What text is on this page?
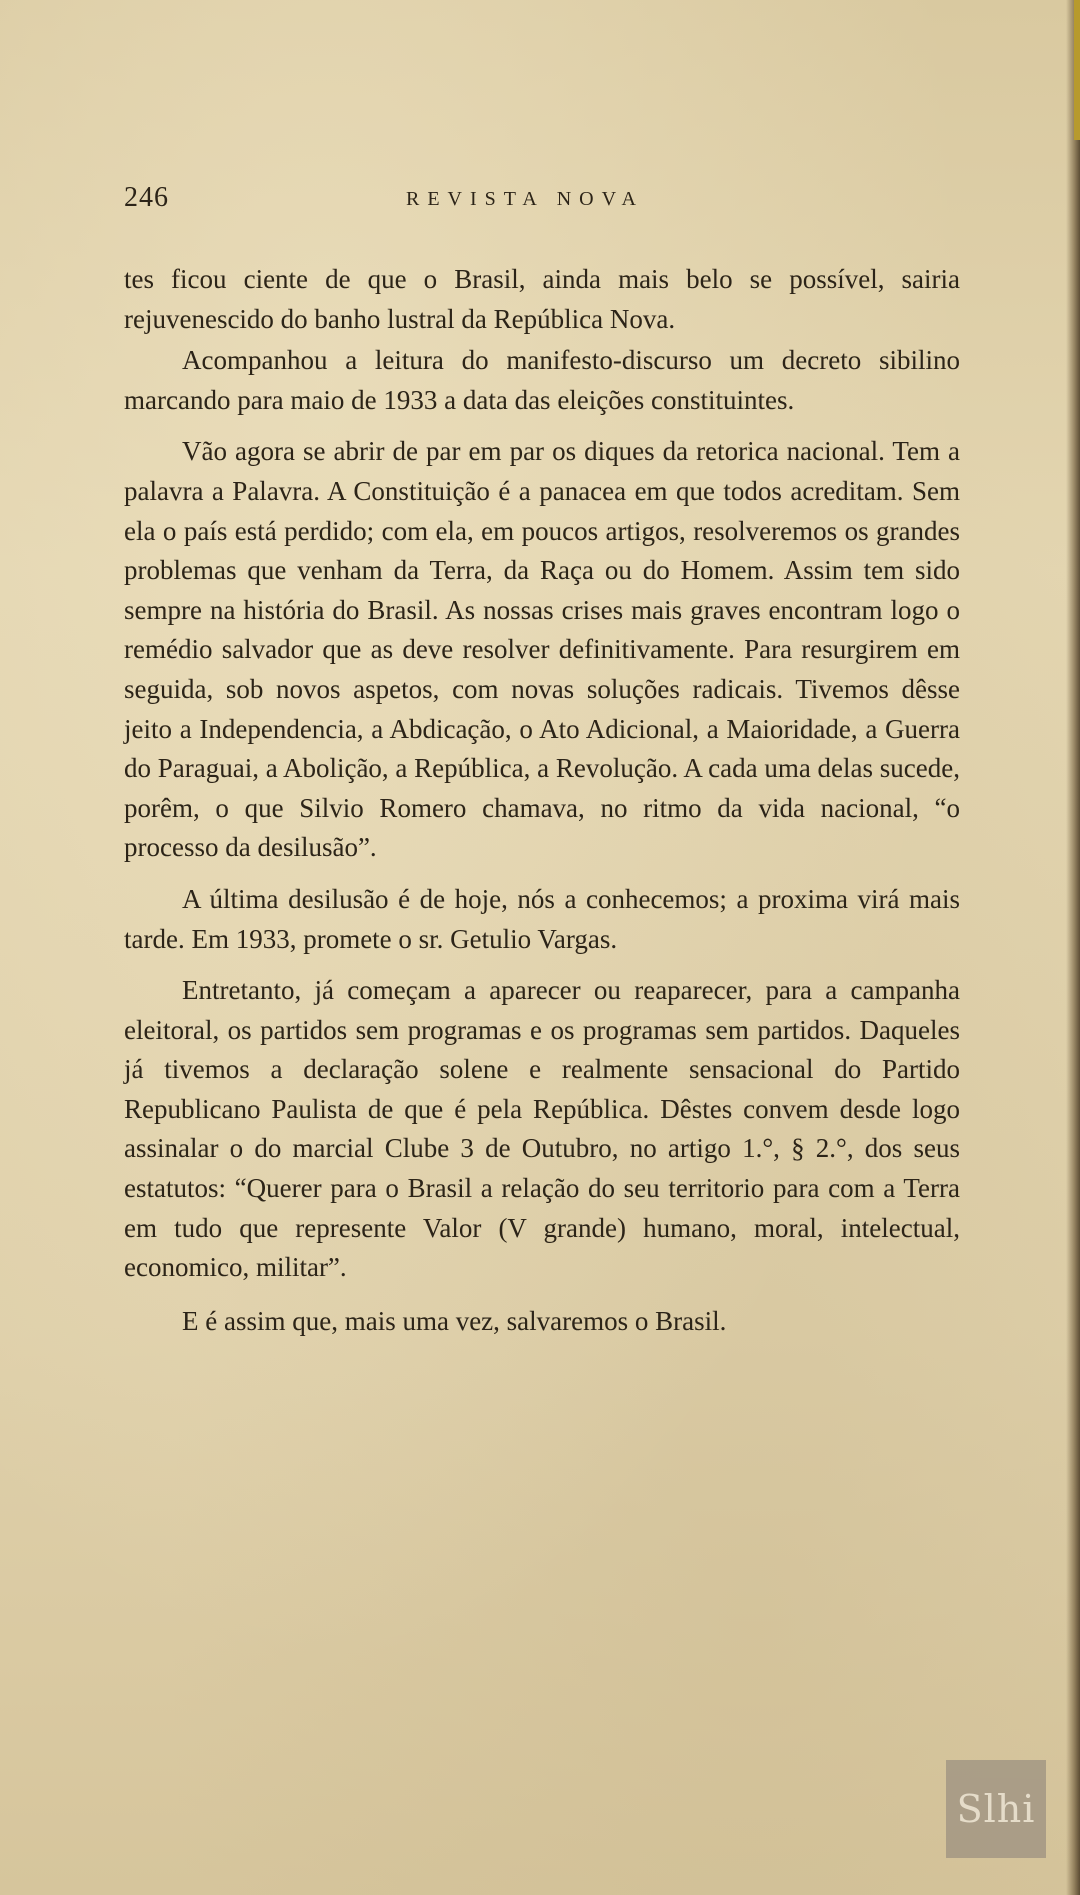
246	REVISTA NOVA

tes ficou ciente de que o Brasil, ainda mais belo se possível, sairia rejuvenescido do banho lustral da República Nova.

Acompanhou a leitura do manifesto-discurso um decreto sibilino marcando para maio de 1933 a data das eleições constituintes.

Vão agora se abrir de par em par os diques da retorica nacional. Tem a palavra a Palavra. A Constituição é a panacea em que todos acreditam. Sem ela o país está perdido; com ela, em poucos artigos, resolveremos os grandes problemas que venham da Terra, da Raça ou do Homem. Assim tem sido sempre na história do Brasil. As nossas crises mais graves encontram logo o remédio salvador que as deve resolver definitivamente. Para resurgirem em seguida, sob novos aspetos, com novas soluções radicais. Tivemos dêsse jeito a Independencia, a Abdicação, o Ato Adicional, a Maioridade, a Guerra do Paraguai, a Abolição, a República, a Revolução. A cada uma delas sucede, porêm, o que Silvio Romero chamava, no ritmo da vida nacional, “o processo da desilusão”.

A última desilusão é de hoje, nós a conhecemos; a proxima virá mais tarde. Em 1933, promete o sr. Getulio Vargas.

Entretanto, já começam a aparecer ou reaparecer, para a campanha eleitoral, os partidos sem programas e os programas sem partidos. Daqueles já tivemos a declaração solene e realmente sensacional do Partido Republicano Paulista de que é pela República. Dêstes convem desde logo assinalar o do marcial Clube 3 de Outubro, no artigo 1.°, § 2.°, dos seus estatutos: “Querer para o Brasil a relação do seu territorio para com a Terra em tudo que represente Valor (V grande) humano, moral, intelectual, economico, militar”.

E é assim que, mais uma vez, salvaremos o Brasil.

Slhi
